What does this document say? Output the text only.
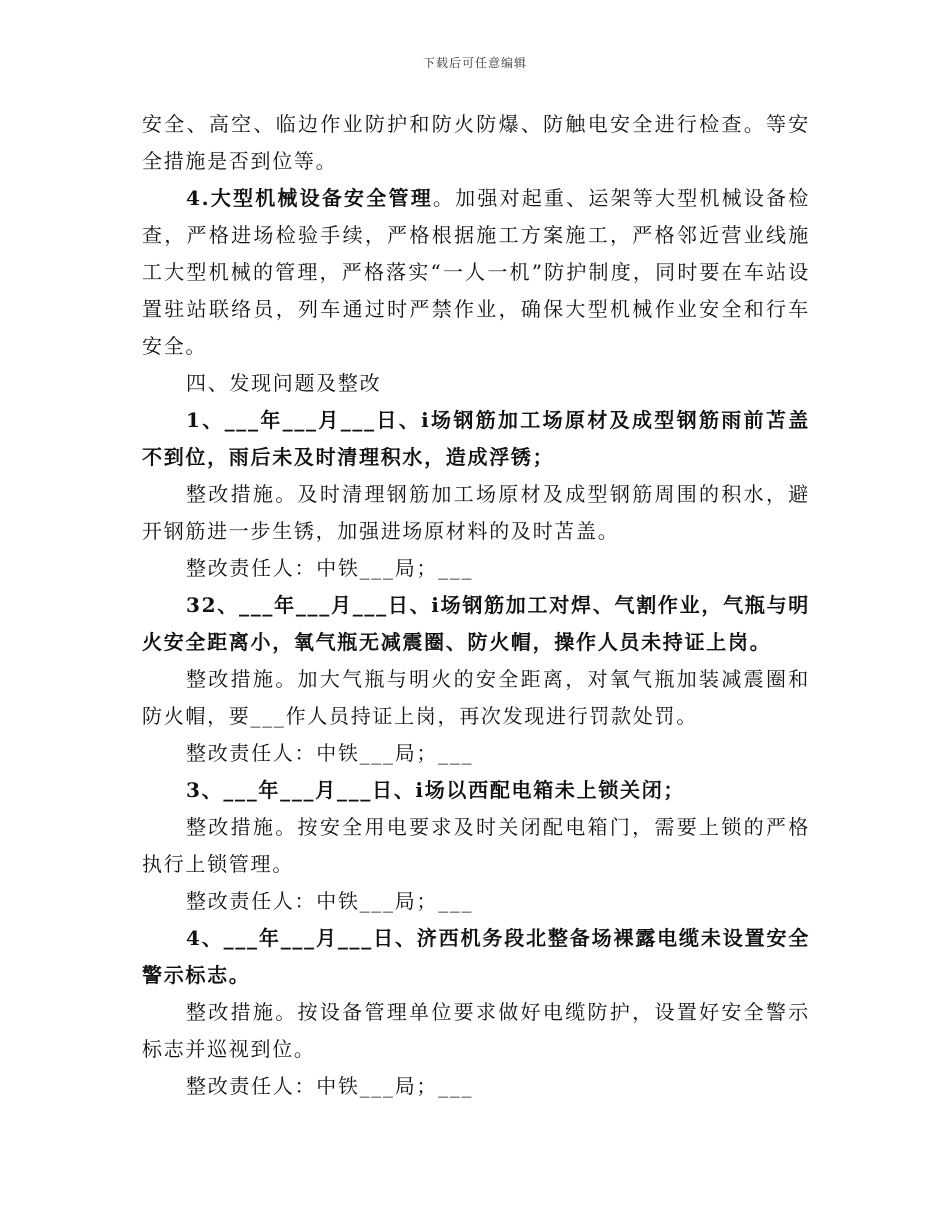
下载后可任意编辑

安全、高空、临边作业防护和防火防爆、防触电安全进行检查。等安全措施是否到位等。

4.大型机械设备安全管理。加强对起重、运架等大型机械设备检查，严格进场检验手续，严格根据施工方案施工，严格邻近营业线施工大型机械的管理，严格落实“一人一机”防护制度，同时要在车站设置驻站联络员，列车通过时严禁作业，确保大型机械作业安全和行车安全。

四、发现问题及整改

1、___年___月___日、i场钢筋加工场原材及成型钢筋雨前苫盖不到位，雨后未及时清理积水，造成浮锈；

整改措施。及时清理钢筋加工场原材及成型钢筋周围的积水，避开钢筋进一步生锈，加强进场原材料的及时苫盖。

整改责任人：中铁___局；___

32、___年___月___日、i场钢筋加工对焊、气割作业，气瓶与明火安全距离小，氧气瓶无减震圈、防火帽，操作人员未持证上岗。

整改措施。加大气瓶与明火的安全距离，对氧气瓶加装减震圈和防火帽，要___作人员持证上岗，再次发现进行罚款处罚。

整改责任人：中铁___局；___

3、___年___月___日、i场以西配电箱未上锁关闭；

整改措施。按安全用电要求及时关闭配电箱门，需要上锁的严格执行上锁管理。

整改责任人：中铁___局；___

4、___年___月___日、济西机务段北整备场裸露电缆未设置安全警示标志。

整改措施。按设备管理单位要求做好电缆防护，设置好安全警示标志并巡视到位。

整改责任人：中铁___局；___
